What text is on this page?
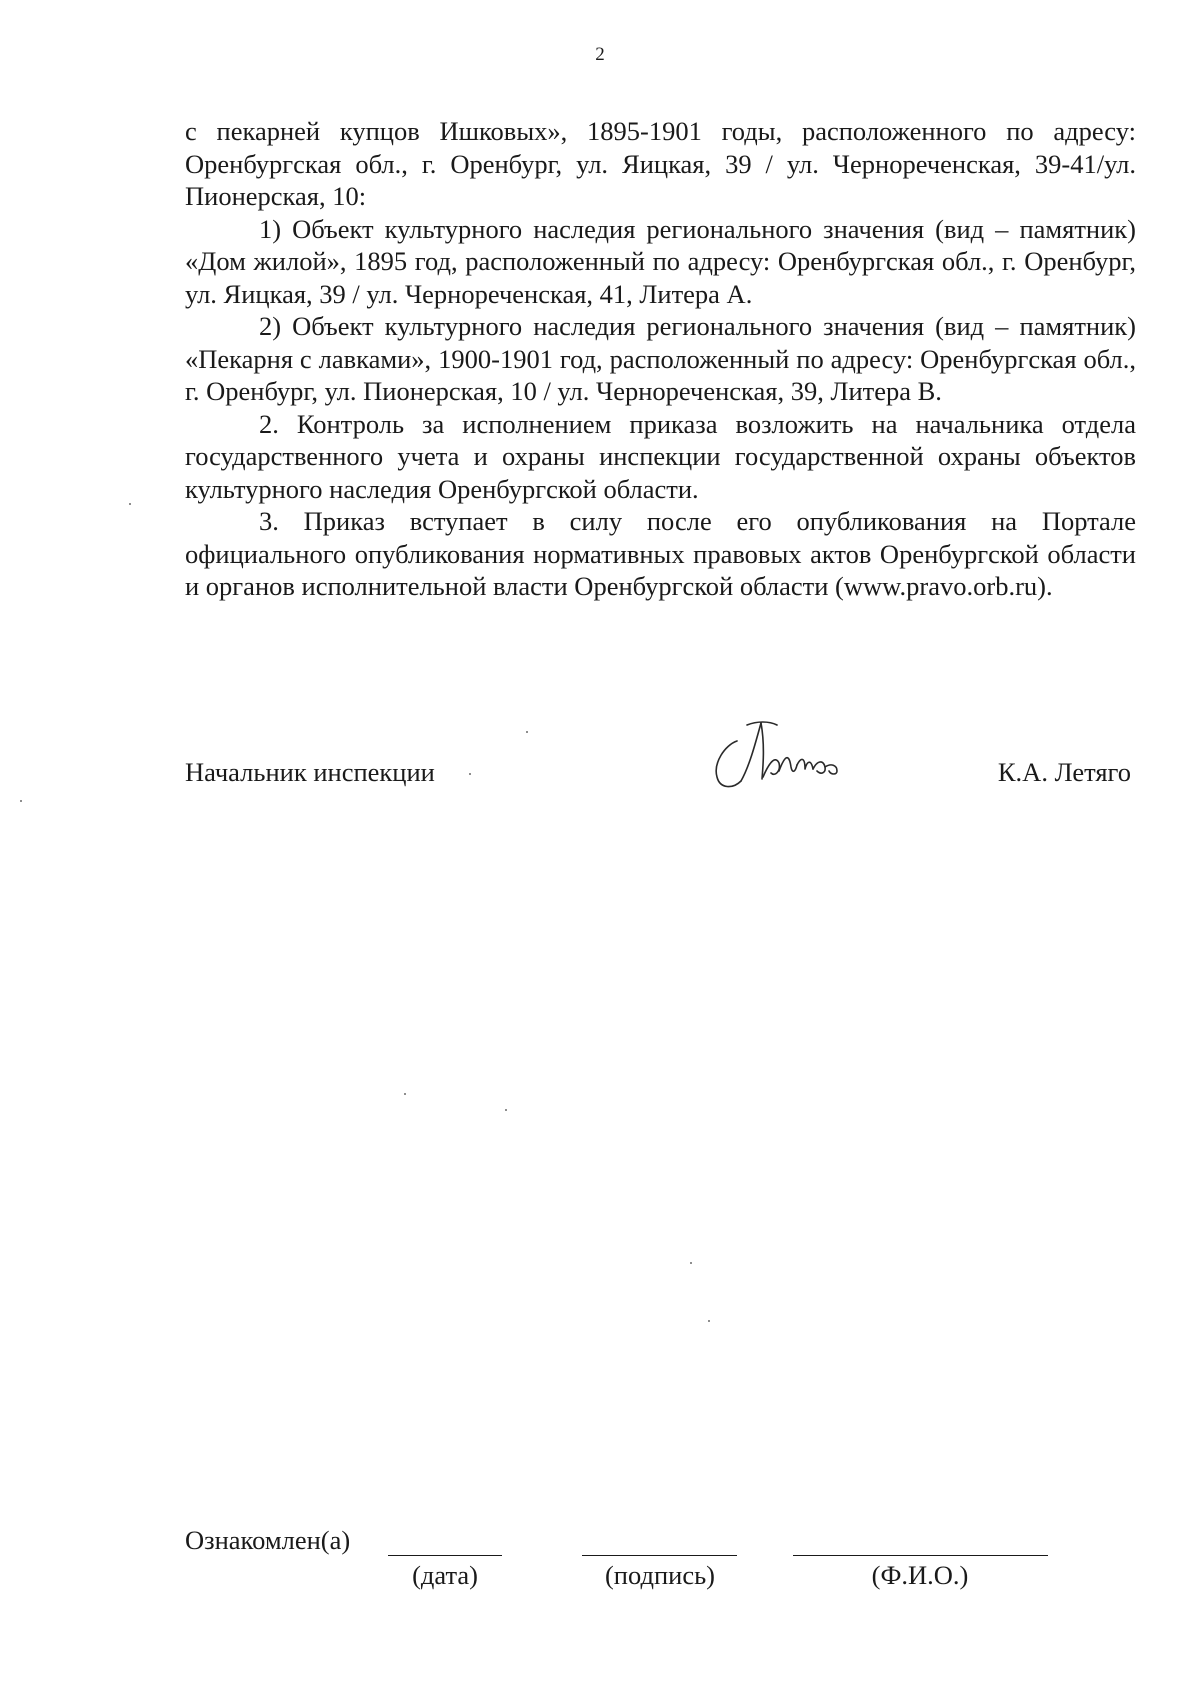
2

с пекарней купцов Ишковых», 1895-1901 годы, расположенного по адресу: Оренбургская обл., г. Оренбург, ул. Яицкая, 39 / ул. Чернореченская, 39-41/ул. Пионерская, 10:

1) Объект культурного наследия регионального значения (вид – памятник) «Дом жилой», 1895 год, расположенный по адресу: Оренбургская обл., г. Оренбург, ул. Яицкая, 39 / ул. Чернореченская, 41, Литера А.

2) Объект культурного наследия регионального значения (вид – памятник) «Пекарня с лавками», 1900-1901 год, расположенный по адресу: Оренбургская обл., г. Оренбург, ул. Пионерская, 10 / ул. Чернореченская, 39, Литера В.

2. Контроль за исполнением приказа возложить на начальника отдела государственного учета и охраны инспекции государственной охраны объектов культурного наследия Оренбургской области.

3. Приказ вступает в силу после его опубликования на Портале официального опубликования нормативных правовых актов Оренбургской области и органов исполнительной власти Оренбургской области (www.pravo.orb.ru).

Начальник инспекции	К.А. Летяго
Ознакомлен(а)
(дата)	(подпись)	(Ф.И.О.)
